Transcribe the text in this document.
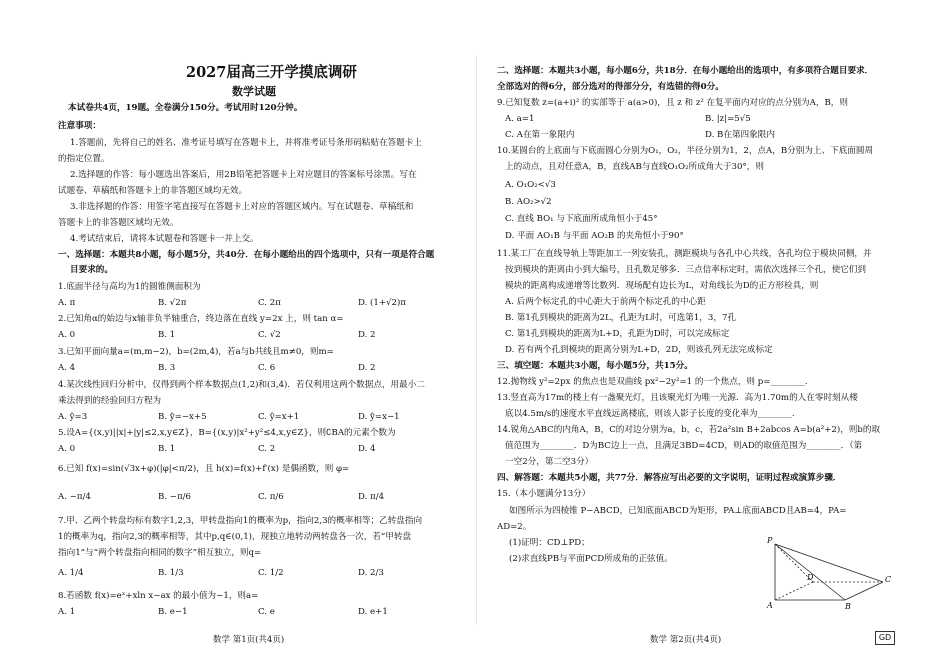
2027届高三开学摸底调研
数学试题
本试卷共4页，19题。全卷满分150分。考试用时120分钟。
注意事项：
1.答题前，先将自己的姓名、准考证号填写在答题卡上，并将准考证号条形码粘贴在答题卡上
的指定位置。
2.选择题的作答：每小题选出答案后，用2B铅笔把答题卡上对应题目的答案标号涂黑。写在
试题卷、草稿纸和答题卡上的非答题区域均无效。
3.非选择题的作答：用签字笔直接写在答题卡上对应的答题区域内。写在试题卷、草稿纸和
答题卡上的非答题区域均无效。
4.考试结束后，请将本试题卷和答题卡一并上交。
一、选择题：本题共8小题，每小题5分，共40分．在每小题给出的四个选项中，只有一项是符合题
目要求的。
1.底面半径与高均为1的圆锥侧面积为
A. π	B. √2π	C. 2π	D. (1+√2)π
2.已知角α的始边与x轴非负半轴重合，终边落在直线 y=2x 上，则 tan α=
A. 0	B. 1	C. √2	D. 2
3.已知平面向量a=(m,m−2)，b=(2m,4)，若a与b共线且m≠0，则m=
A. 4	B. 3	C. 6	D. 2
4.某次线性回归分析中，仅得到两个样本数据点(1,2)和(3,4)．若仅利用这两个数据点，用最小二
乘法得到的经验回归方程为
A. ŷ=3	B. ŷ=−x+5	C. ŷ=x+1	D. ŷ=x−1
5.设A={(x,y)||x|+|y|≤2,x,y∈Z}，B={(x,y)|x²+y²≤4,x,y∈Z}，则∁BA的元素个数为
A. 0	B. 1	C. 2	D. 4
6.已知 f(x)=sin(√3x+φ)(|φ|<π/2)，且 h(x)=f(x)+f′(x) 是偶函数，则 φ=
A. −π/4	B. −π/6	C. π/6	D. π/4
7.甲、乙两个转盘均标有数字1,2,3，甲转盘指向1的概率为p，指向2,3的概率相等；乙转盘指向
1的概率为q，指向2,3的概率相等，其中p,q∈(0,1)，现独立地转动两转盘各一次，若“甲转盘
指向1”与“两个转盘指向相同的数字”相互独立，则q=
A. 1/4	B. 1/3	C. 1/2	D. 2/3
8.若函数 f(x)=eˣ+xln x−ax 的最小值为−1，则a=
A. 1	B. e−1	C. e	D. e+1
数学 第1页(共4页)
二、选择题：本题共3小题，每小题6分，共18分．在每小题给出的选项中，有多项符合题目要求．
全部选对的得6分，部分选对的得部分分，有选错的得0分。
9.已知复数 z=(a+i)² 的实部等于 a(a>0)，且 z 和 z² 在复平面内对应的点分别为A，B，则
A. a=1	B. |z|=5√5
C. A在第一象限内	D. B在第四象限内
10.某圆台的上底面与下底面圆心分别为O₁，O₂，半径分别为1，2，点A，B分别为上、下底面圆周
上的动点，且对任意A，B，直线AB与直线O₁O₂所成角大于30°，则
A. O₁O₂<√3
B. AO₂>√2
C. 直线 BO₁ 与下底面所成角恒小于45°
D. 平面 AO₁B 与平面 AO₂B 的夹角恒小于90°
11.某工厂在直线导轨上等距加工一列安装孔，测距模块与各孔中心共线，各孔均位于模块同侧，并
按到模块的距离由小到大编号，且孔数足够多．三点信率标定时，需依次选择三个孔，使它们到
模块的距离构成递增等比数列．现场配有边长为L，对角线长为D的正方形检具，则
A. 后两个标定孔的中心距大于前两个标定孔的中心距
B. 第1孔到模块的距离为2L，孔距为L时，可选第1，3，7孔
C. 第1孔到模块的距离为L+D，孔距为D时，可以完成标定
D. 若有两个孔到模块的距离分别为L+D，2D，则该孔列无法完成标定
三、填空题：本题共3小题，每小题5分，共15分。
12.抛物线 y²=2px 的焦点也是双曲线 px²−2y²=1 的一个焦点，则 p=________.
13.竖直高为17m的楼上有一盏聚光灯，且该聚光灯为唯一光源．高为1.70m的人在零时刻从楼
底以4.5m/s的速度水平直线远离楼底，则该人影子长度的变化率为________.
14.锐角△ABC的内角A，B，C的对边分别为a，b，c，若2a²sin B+2abcos A=b(a²+2)，则b的取
值范围为________．D为BC边上一点，且满足3BD=4CD，则AD的取值范围为________．（第
一空2分，第二空3分）
四、解答题：本题共5小题，共77分．解答应写出必要的文字说明，证明过程或演算步骤．
15.（本小题满分13分）
如图所示为四棱锥 P−ABCD，已知底面ABCD为矩形，PA⊥底面ABCD且AB=4，PA=
AD=2。
(1)证明：CD⊥PD；
(2)求直线PB与平面PCD所成角的正弦值。
P
A	B
C
D
数学 第2页(共4页)	GD
